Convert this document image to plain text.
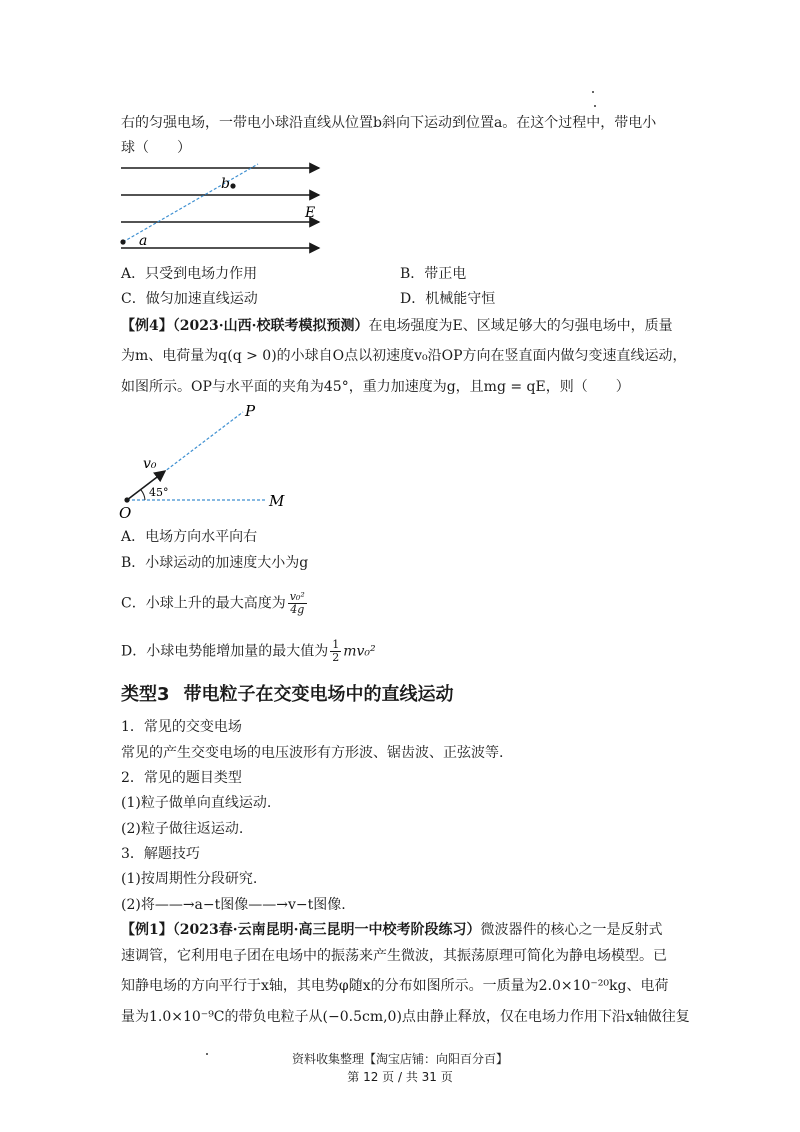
右的匀强电场，一带电小球沿直线从位置b斜向下运动到位置a。在这个过程中，带电小
球（　　）
b
E
a
A．只受到电场力作用	B．带正电
C．做匀加速直线运动	D．机械能守恒
【例4】（2023·山西·校联考模拟预测）在电场强度为E、区域足够大的匀强电场中，质量
为m、电荷量为q(q > 0)的小球自O点以初速度v₀沿OP方向在竖直面内做匀变速直线运动，
如图所示。OP与水平面的夹角为45°，重力加速度为g，且mg = qE，则（　　）
P
v₀
45°
O
M
A．电场方向水平向右
B．小球运动的加速度大小为g
C．小球上升的最大高度为 $\frac{\text{v₀²}}{4g}$
D．小球电势能增加量的最大值为 $\frac{1}{2} mv_0^2$
类型3 带电粒子在交变电场中的直线运动
1．常见的交变电场
常见的产生交变电场的电压波形有方形波、锯齿波、正弦波等.
2．常见的题目类型
(1)粒子做单向直线运动.
(2)粒子做往返运动.
3．解题技巧
(1)按周期性分段研究.
(2)将——→a−t图像——→v−t图像.
【例1】（2023春·云南昆明·高三昆明一中校考阶段练习）微波器件的核心之一是反射式
速调管，它利用电子团在电场中的振荡来产生微波，其振荡原理可简化为静电场模型。已
知静电场的方向平行于x轴，其电势φ随x的分布如图所示。一质量为2.0×10⁻²⁰kg、电荷
量为1.0×10⁻⁹C的带负电粒子从(−0.5cm,0)点由静止释放，仅在电场力作用下沿x轴做往复
资料收集整理【淘宝店铺：向阳百分百】
第 12 页 / 共 31 页
